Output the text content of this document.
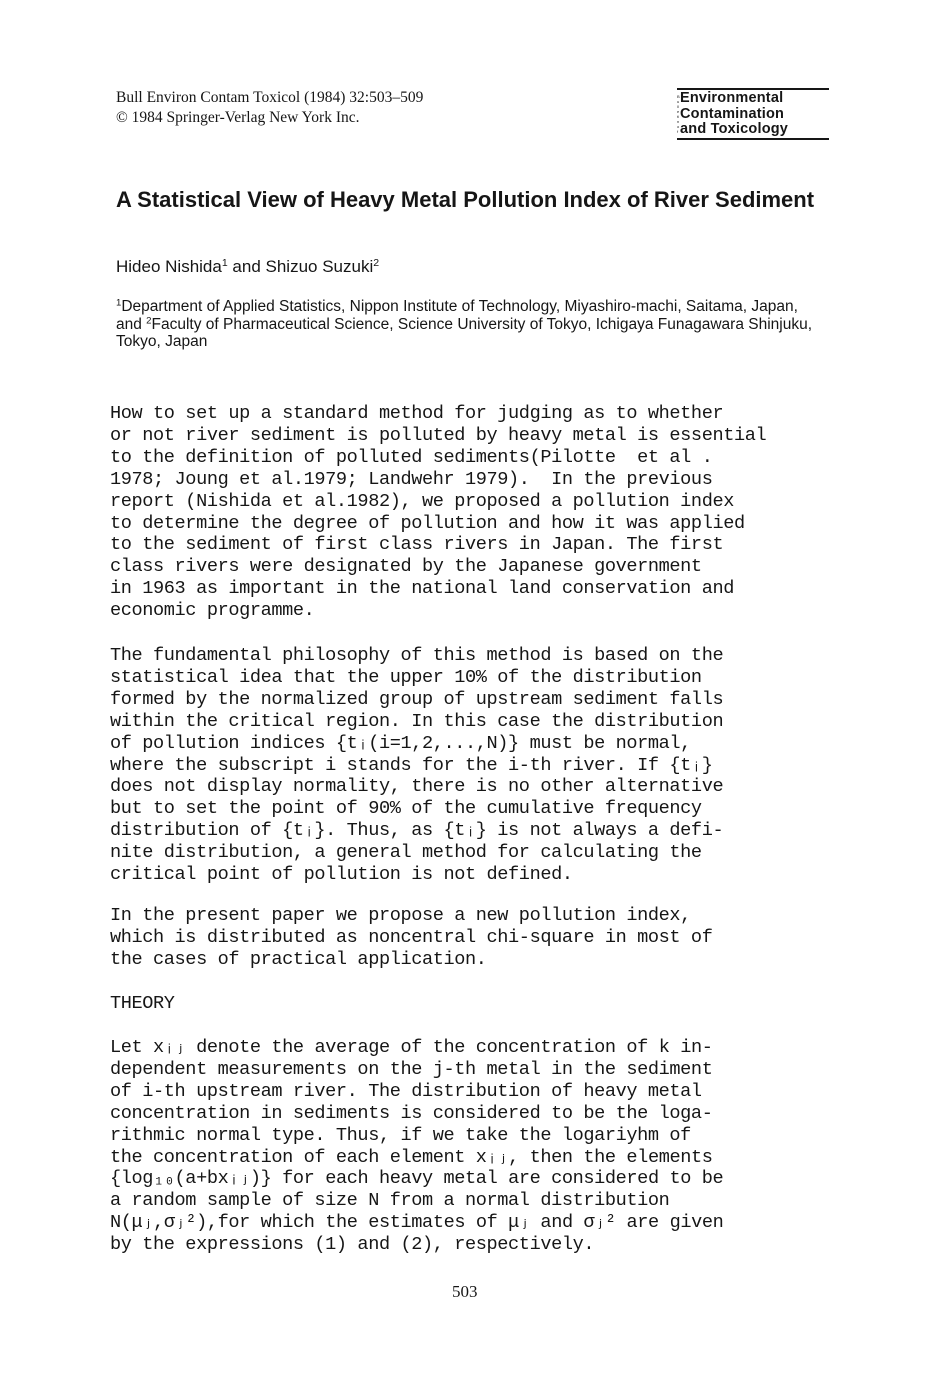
Bull Environ Contam Toxicol (1984) 32:503–509
© 1984 Springer-Verlag New York Inc.
Bulletin of
Environmental
Contamination
and Toxicology
A Statistical View of Heavy Metal Pollution Index of River Sediment
Hideo Nishida$^1$ and Shizuo Suzuki$^2$
$^1$Department of Applied Statistics, Nippon Institute of Technology, Miyashiro-machi, Saitama, Japan, and $^2$Faculty of Pharmaceutical Science, Science University of Tokyo, Ichigaya Funagawara Shinjuku, Tokyo, Japan
How to set up a standard method for judging as to whether
or not river sediment is polluted by heavy metal is essential
to the definition of polluted sediments(Pilotte  et al .
1978; Joung et al.1979; Landwehr 1979).  In the previous
report (Nishida et al.1982), we proposed a pollution index
to determine the degree of pollution and how it was applied
to the sediment of first class rivers in Japan. The first
class rivers were designated by the Japanese government
in 1963 as important in the national land conservation and
economic programme.
The fundamental philosophy of this method is based on the
statistical idea that the upper 10% of the distribution
formed by the normalized group of upstream sediment falls
within the critical region. In this case the distribution
of pollution indices {tᵢ(i=1,2,...,N)} must be normal,
where the subscript i stands for the i-th river. If {tᵢ}
does not display normality, there is no other alternative
but to set the point of 90% of the cumulative frequency
distribution of {tᵢ}. Thus, as {tᵢ} is not always a defi-
nite distribution, a general method for calculating the
critical point of pollution is not defined.
In the present paper we propose a new pollution index,
which is distributed as noncentral chi-square in most of
the cases of practical application.
THEORY
Let xᵢⱼ denote the average of the concentration of k in-
dependent measurements on the j-th metal in the sediment
of i-th upstream river. The distribution of heavy metal
concentration in sediments is considered to be the loga-
rithmic normal type. Thus, if we take the logariyhm of
the concentration of each element xᵢⱼ, then the elements
{log₁₀(a+bxᵢⱼ)} for each heavy metal are considered to be
a random sample of size N from a normal distribution
N(μⱼ,σⱼ²),for which the estimates of μⱼ and σⱼ² are given
by the expressions (1) and (2), respectively.
503
